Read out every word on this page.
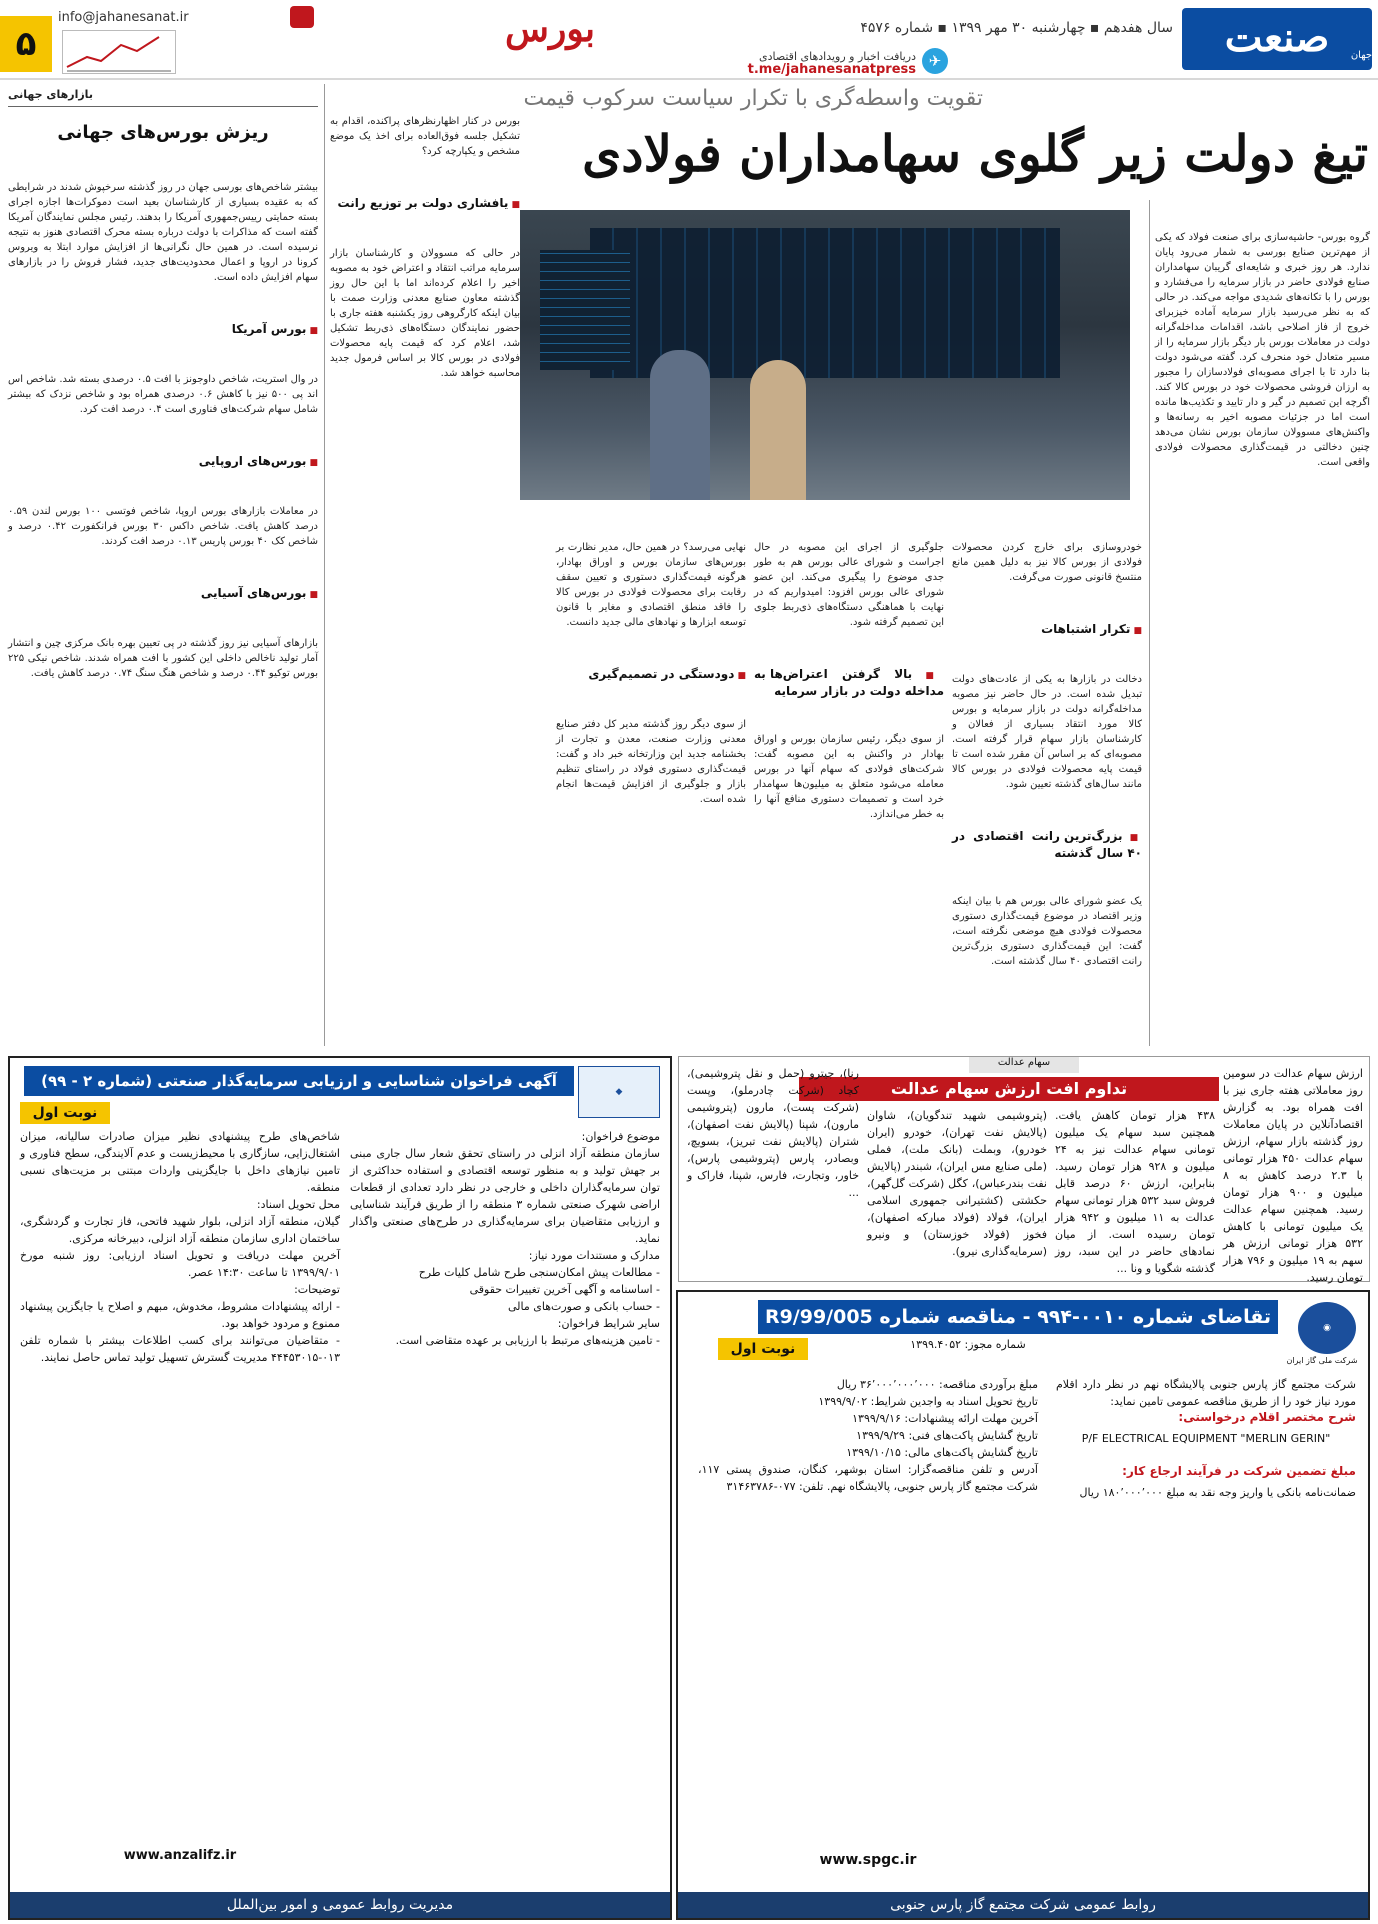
صنعت	جهان
سال هفدهم ▪ چهارشنبه ۳۰ مهر ۱۳۹۹ ▪ شماره ۴۵۷۶
✈
دریافت اخبار و رویدادهای اقتصادی
t.me/jahanesanatpress
بورس
info@jahanesanat.ir
۵
تقویت واسطه‌گری با تکرار سیاست سرکوب قیمت
تیغ دولت زیر گلوی سهامداران فولادی

گروه بورس- حاشیه‌سازی برای صنعت فولاد که یکی از مهم‌ترین صنایع بورسی به شمار می‌رود پایان ندارد. هر روز خبری و شایعه‌ای گریبان سهامداران صنایع فولادی حاضر در بازار سرمایه را می‌فشارد و بورس را با تکانه‌های شدیدی مواجه می‌کند. در حالی که به نظر می‌رسید بازار سرمایه آماده خیزبرای خروج از فاز اصلاحی باشد، اقدامات مداخله‌گرانه دولت در معاملات بورس بار دیگر بازار سرمایه را از مسیر متعادل خود منحرف کرد. گفته می‌شود دولت بنا دارد تا با اجرای مصوبه‌ای فولادسازان را مجبور به ارزان فروشی محصولات خود در بورس کالا کند. اگرچه این تصمیم در گیر و دار تایید و تکذیب‌ها مانده است اما در جزئیات مصوبه اخیر به رسانه‌ها و واکنش‌های مسوولان سازمان بورس نشان می‌دهد چنین دخالتی در قیمت‌گذاری محصولات فولادی واقعی است.

خودروسازی برای خارج کردن محصولات فولادی از بورس کالا نیز به دلیل همین مانع منتسخ قانونی صورت می‌گرفت.

■ تکرار اشتباهات

دخالت در بازارها به یکی از عادت‌های دولت تبدیل شده است. در حال حاضر نیز مصوبه مداخله‌گرانه دولت در بازار سرمایه و بورس کالا مورد انتقاد بسیاری از فعالان و کارشناسان بازار سهام قرار گرفته است. مصوبه‌ای که بر اساس آن مقرر شده است تا قیمت پایه محصولات فولادی در بورس کالا مانند سال‌های گذشته تعیین شود.

■ بزرگ‌ترین رانت اقتصادی در ۴۰ سال گذشته

یک عضو شورای عالی بورس هم با بیان اینکه وزیر اقتصاد در موضوع قیمت‌گذاری دستوری محصولات فولادی هیچ موضعی نگرفته است، گفت: این قیمت‌گذاری دستوری بزرگ‌ترین رانت اقتصادی ۴۰ سال گذشته است.

جلوگیری از اجرای این مصوبه در حال اجراست و شورای عالی بورس هم به طور جدی موضوع را پیگیری می‌کند. این عضو شورای عالی بورس افزود: امیدواریم که در نهایت با هماهنگی دستگاه‌های ذی‌ربط جلوی این تصمیم گرفته شود.

■ بالا گرفتن اعتراض‌ها به مداخله دولت در بازار سرمایه

از سوی دیگر، رئیس سازمان بورس و اوراق بهادار در واکنش به این مصوبه گفت: شرکت‌های فولادی که سهام آنها در بورس معامله می‌شود متعلق به میلیون‌ها سهامدار خرد است و تصمیمات دستوری منافع آنها را به خطر می‌اندازد.

نهایی می‌رسد؟ در همین حال، مدیر نظارت بر بورس‌های سازمان بورس و اوراق بهادار، هرگونه قیمت‌گذاری دستوری و تعیین سقف رقابت برای محصولات فولادی در بورس کالا را فاقد منطق اقتصادی و مغایر با قانون توسعه ابزارها و نهادهای مالی جدید دانست.

■ دودستگی در تصمیم‌گیری

از سوی دیگر روز گذشته مدیر کل دفتر صنایع معدنی وزارت صنعت، معدن و تجارت از بخشنامه جدید این وزارتخانه خبر داد و گفت: قیمت‌گذاری دستوری فولاد در راستای تنظیم بازار و جلوگیری از افزایش قیمت‌ها انجام شده است.

بورس در کنار اظهارنظرهای پراکنده، اقدام به تشکیل جلسه فوق‌العاده برای اخذ یک موضع مشخص و یکپارچه کرد؟

■ یافشاری دولت بر توزیع رانت

در حالی که مسوولان و کارشناسان بازار سرمایه مراتب انتقاد و اعتراض خود به مصوبه اخیر را اعلام کرده‌اند اما با این حال روز گذشته معاون صنایع معدنی وزارت صمت با بیان اینکه کارگروهی روز یکشنبه هفته جاری با حضور نمایندگان دستگاه‌های ذی‌ربط تشکیل شد، اعلام کرد که قیمت پایه محصولات فولادی در بورس کالا بر اساس فرمول جدید محاسبه خواهد شد.

بازارهای جهانی
ریزش بورس‌های جهانی

بیشتر شاخص‌های بورسی جهان در روز گذشته سرخپوش شدند در شرایطی که به عقیده بسیاری از کارشناسان بعید است دموکرات‌ها اجازه اجرای بسته حمایتی رییس‌جمهوری آمریکا را بدهند. رئیس مجلس نمایندگان آمریکا گفته است که مذاکرات با دولت درباره بسته محرک اقتصادی هنوز به نتیجه نرسیده است. در همین حال نگرانی‌ها از افزایش موارد ابتلا به ویروس کرونا در اروپا و اعمال محدودیت‌های جدید، فشار فروش را در بازارهای سهام افزایش داده است.

■ بورس آمریکا

در وال استریت، شاخص داوجونز با افت ۰.۵ درصدی بسته شد. شاخص اس اند پی ۵۰۰ نیز با کاهش ۰.۶ درصدی همراه بود و شاخص نزدک که بیشتر شامل سهام شرکت‌های فناوری است ۰.۴ درصد افت کرد.

■ بورس‌های اروپایی

در معاملات بازارهای بورس اروپا، شاخص فوتسی ۱۰۰ بورس لندن ۰.۵۹ درصد کاهش یافت. شاخص داکس ۳۰ بورس فرانکفورت ۰.۴۲ درصد و شاخص کک ۴۰ بورس پاریس ۰.۱۳ درصد افت کردند.

■ بورس‌های آسیایی

بازارهای آسیایی نیز روز گذشته در پی تعیین بهره بانک مرکزی چین و انتشار آمار تولید ناخالص داخلی این کشور با افت همراه شدند. شاخص نیکی ۲۲۵ بورس توکیو ۰.۴۴ درصد و شاخص هنگ سنگ ۰.۷۴ درصد کاهش یافت.

سهام عدالت
تداوم افت ارزش سهام عدالت
ارزش سهام عدالت در سومین روز معاملاتی هفته جاری نیز با افت همراه بود. به گزارش اقتصادآنلاین در پایان معاملات روز گذشته بازار سهام، ارزش سهام عدالت ۴۵۰ هزار تومانی با ۲.۳ درصد کاهش به ۸ میلیون و ۹۰۰ هزار تومان رسید. همچنین سهام عدالت یک میلیون تومانی با کاهش ۵۳۲ هزار تومانی ارزش هر سهم به ۱۹ میلیون و ۷۹۶ هزار تومان رسید.
۴۳۸ هزار تومان کاهش یافت. همچنین سبد سهام یک میلیون تومانی سهام عدالت نیز به ۲۴ میلیون و ۹۲۸ هزار تومان رسید. بنابراین، ارزش ۶۰ درصد قابل فروش سبد ۵۳۲ هزار تومانی سهام عدالت به ۱۱ میلیون و ۹۴۲ هزار تومان رسیده است. از میان نمادهای حاضر در این سبد، روز گذشته شگویا و ونا ...
(پتروشیمی شهید تندگویان)، شاوان (پالایش نفت تهران)، خودرو (ایران خودرو)، وبملت (بانک ملت)، فملی (ملی صنایع مس ایران)، شبندر (پالایش نفت بندرعباس)، کگل (شرکت گل‌گهر)، حکشتی (کشتیرانی جمهوری اسلامی ایران)، فولاد (فولاد مبارکه اصفهان)، فخوز (فولاد خوزستان) و ونیرو (سرمایه‌گذاری نیرو).
رنا)، جیترو (حمل و نقل پتروشیمی)، کچاد (شرکت چادرملو)، وپست (شرکت پست)، مارون (پتروشیمی مارون)، شپنا (پالایش نفت اصفهان)، شتران (پالایش نفت تبریز)، بسویچ، وبصادر، پارس (پتروشیمی پارس)، خاور، وتجارت، فارس، شپنا، فاراک و ...
◉
شرکت ملی گاز ایران
تقاضای شماره ۰۰۱۰-۹۹۴ - مناقصه شماره R9/99/005
شماره مجوز: ۱۳۹۹.۴۰۵۲
نوبت اول
شرکت مجتمع گاز پارس جنوبی پالایشگاه نهم در نظر دارد اقلام مورد نیاز خود را از طریق مناقصه عمومی تامین نماید:
شرح مختصر اقلام درخواستی:
P/F ELECTRICAL EQUIPMENT "MERLIN GERIN"
مبلغ تضمین شرکت در فرآیند ارجاع کار:
ضمانت‌نامه بانکی یا واریز وجه نقد به مبلغ ۱۸۰٬۰۰۰٬۰۰۰ ریال
مبلغ برآوردی مناقصه: ۳۶٬۰۰۰٬۰۰۰٬۰۰۰ ریال
تاریخ تحویل اسناد به واجدین شرایط: ۱۳۹۹/۹/۰۲
آخرین مهلت ارائه پیشنهادات: ۱۳۹۹/۹/۱۶
تاریخ گشایش پاکت‌های فنی: ۱۳۹۹/۹/۲۹
تاریخ گشایش پاکت‌های مالی: ۱۳۹۹/۱۰/۱۵
آدرس و تلفن مناقصه‌گزار: استان بوشهر، کنگان، صندوق پستی ۱۱۷، شرکت مجتمع گاز پارس جنوبی، پالایشگاه نهم. تلفن: ۰۷۷-۳۱۴۶۳۷۸۶
www.spgc.ir
روابط عمومی شرکت مجتمع گاز پارس جنوبی
◆
آگهی فراخوان شناسایی و ارزیابی سرمایه‌گذار صنعتی (شماره ۲ - ۹۹)
نوبت اول
موضوع فراخوان:
سازمان منطقه آزاد انزلی در راستای تحقق شعار سال جاری مبنی بر جهش تولید و به منظور توسعه اقتصادی و استفاده حداکثری از توان سرمایه‌گذاران داخلی و خارجی در نظر دارد تعدادی از قطعات اراضی شهرک صنعتی شماره ۳ منطقه را از طریق فرآیند شناسایی و ارزیابی متقاضیان برای سرمایه‌گذاری در طرح‌های صنعتی واگذار نماید.
مدارک و مستندات مورد نیاز:
- مطالعات پیش امکان‌سنجی طرح شامل کلیات طرح
- اساسنامه و آگهی آخرین تغییرات حقوقی
- حساب بانکی و صورت‌های مالی
سایر شرایط فراخوان:
- تامین هزینه‌های مرتبط با ارزیابی بر عهده متقاضی است.
شاخص‌های طرح پیشنهادی نظیر میزان صادرات سالیانه، میزان اشتغال‌زایی، سازگاری با محیط‌زیست و عدم آلایندگی، سطح فناوری و تامین نیازهای داخل با جایگزینی واردات مبتنی بر مزیت‌های نسبی منطقه.
محل تحویل اسناد:
گیلان، منطقه آزاد انزلی، بلوار شهید فاتحی، فاز تجارت و گردشگری، ساختمان اداری سازمان منطقه آزاد انزلی، دبیرخانه مرکزی.
آخرین مهلت دریافت و تحویل اسناد ارزیابی: روز شنبه مورخ ۱۳۹۹/۹/۰۱ تا ساعت ۱۴:۳۰ عصر.
توضیحات:
- ارائه پیشنهادات مشروط، مخدوش، مبهم و اصلاح یا جایگزین پیشنهاد ممنوع و مردود خواهد بود.
- متقاضیان می‌توانند برای کسب اطلاعات بیشتر با شماره تلفن ۰۱۳-۴۴۴۵۳۰۱۵ مدیریت گسترش تسهیل تولید تماس حاصل نمایند.
www.anzalifz.ir
مدیریت روابط عمومی و امور بین‌الملل
